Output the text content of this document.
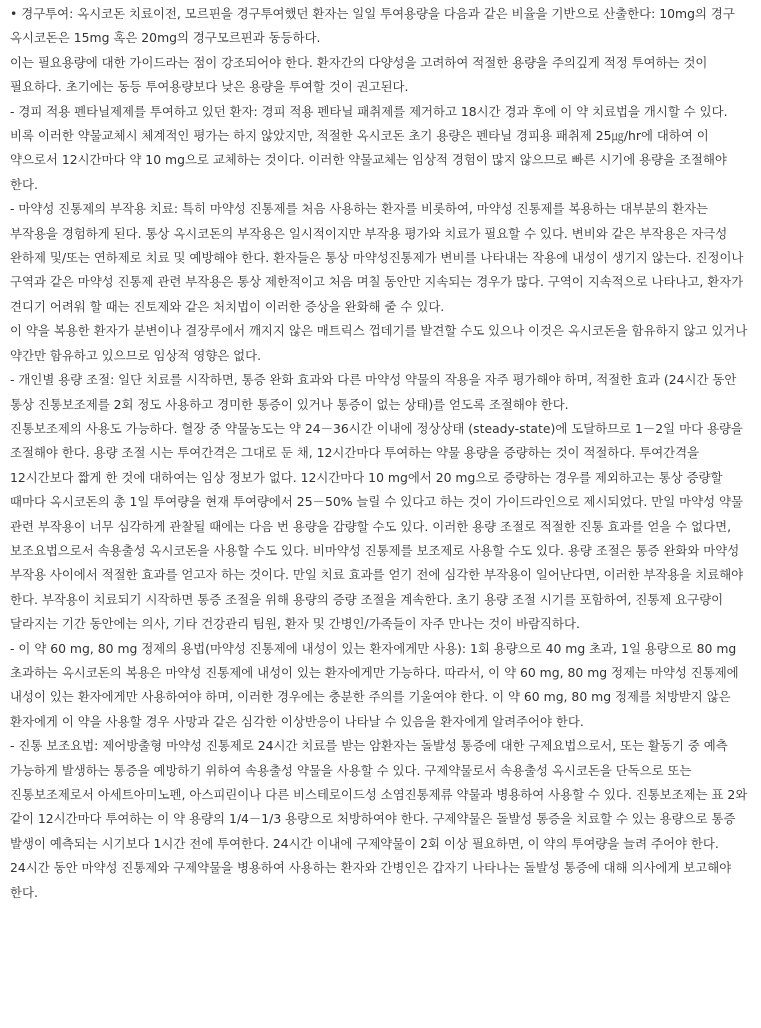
• 경구투여: 옥시코돈 치료이전, 모르핀을 경구투여했던 환자는 일일 투여용량을 다음과 같은 비율을 기반으로 산출한다: 10mg의 경구 옥시코돈은 15mg 혹은 20mg의 경구모르핀과 동등하다.

이는 필요용량에 대한 가이드라는 점이 강조되어야 한다. 환자간의 다양성을 고려하여 적절한 용량을 주의깊게 적정 투여하는 것이 필요하다. 초기에는 동등 투여용량보다 낮은 용량을 투여할 것이 권고된다.

- 경피 적용 펜타닐제제를 투여하고 있던 환자: 경피 적용 펜타닐 패취제를 제거하고 18시간 경과 후에 이 약 치료법을 개시할 수 있다. 비록 이러한 약물교체시 체계적인 평가는 하지 않았지만, 적절한 옥시코돈 초기 용량은 펜타닐 경피용 패취제 25㎍/hr에 대하여 이 약으로서 12시간마다 약 10 mg으로 교체하는 것이다. 이러한 약물교체는 임상적 경험이 많지 않으므로 빠른 시기에 용량을 조절해야 한다.

- 마약성 진통제의 부작용 치료: 특히 마약성 진통제를 처음 사용하는 환자를 비롯하여, 마약성 진통제를 복용하는 대부분의 환자는 부작용을 경험하게 된다. 통상 옥시코돈의 부작용은 일시적이지만 부작용 평가와 치료가 필요할 수 있다. 변비와 같은 부작용은 자극성 완하제 및/또는 연하제로 치료 및 예방해야 한다. 환자들은 통상 마약성진통제가 변비를 나타내는 작용에 내성이 생기지 않는다. 진정이나 구역과 같은 마약성 진통제 관련 부작용은 통상 제한적이고 처음 며칠 동안만 지속되는 경우가 많다. 구역이 지속적으로 나타나고, 환자가 견디기 어려워 할 때는 진토제와 같은 처치법이 이러한 증상을 완화해 줄 수 있다.

이 약을 복용한 환자가 분변이나 결장루에서 깨지지 않은 매트릭스 껍데기를 발견할 수도 있으나 이것은 옥시코돈을 함유하지 않고 있거나 약간만 함유하고 있으므로 임상적 영향은 없다.

- 개인별 용량 조절: 일단 치료를 시작하면, 통증 완화 효과와 다른 마약성 약물의 작용을 자주 평가해야 하며, 적절한 효과 (24시간 동안 통상 진통보조제를 2회 정도 사용하고 경미한 통증이 있거나 통증이 없는 상태)를 얻도록 조절해야 한다.

진통보조제의 사용도 가능하다. 혈장 중 약물농도는 약 24－36시간 이내에 정상상태 (steady-state)에 도달하므로 1－2일 마다 용량을 조절해야 한다. 용량 조절 시는 투여간격은 그대로 둔 채, 12시간마다 투여하는 약물 용량을 증량하는 것이 적절하다. 투여간격을 12시간보다 짧게 한 것에 대하여는 임상 정보가 없다. 12시간마다 10 mg에서 20 mg으로 증량하는 경우를 제외하고는 통상 증량할 때마다 옥시코돈의 총 1일 투여량을 현재 투여량에서 25－50% 늘릴 수 있다고 하는 것이 가이드라인으로 제시되었다. 만일 마약성 약물 관련 부작용이 너무 심각하게 관찰될 때에는 다음 번 용량을 감량할 수도 있다. 이러한 용량 조절로 적절한 진통 효과를 얻을 수 없다면, 보조요법으로서 속용출성 옥시코돈을 사용할 수도 있다. 비마약성 진통제를 보조제로 사용할 수도 있다. 용량 조절은 통증 완화와 마약성 부작용 사이에서 적절한 효과를 얻고자 하는 것이다. 만일 치료 효과를 얻기 전에 심각한 부작용이 일어난다면, 이러한 부작용을 치료해야 한다. 부작용이 치료되기 시작하면 통증 조절을 위해 용량의 증량 조절을 계속한다. 초기 용량 조절 시기를 포함하여, 진통제 요구량이 달라지는 기간 동안에는 의사, 기타 건강관리 팀원, 환자 및 간병인/가족들이 자주 만나는 것이 바람직하다.

- 이 약 60 mg, 80 mg 정제의 용법(마약성 진통제에 내성이 있는 환자에게만 사용): 1회 용량으로 40 mg 초과, 1일 용량으로 80 mg 초과하는 옥시코돈의 복용은 마약성 진통제에 내성이 있는 환자에게만 가능하다. 따라서, 이 약 60 mg, 80 mg 정제는 마약성 진통제에 내성이 있는 환자에게만 사용하여야 하며, 이러한 경우에는 충분한 주의를 기울여야 한다. 이 약 60 mg, 80 mg 정제를 처방받지 않은 환자에게 이 약을 사용할 경우 사망과 같은 심각한 이상반응이 나타날 수 있음을 환자에게 알려주어야 한다.

- 진통 보조요법: 제어방출형 마약성 진통제로 24시간 치료를 받는 암환자는 돌발성 통증에 대한 구제요법으로서, 또는 활동기 중 예측 가능하게 발생하는 통증을 예방하기 위하여 속용출성 약물을 사용할 수 있다. 구제약물로서 속용출성 옥시코돈을 단독으로 또는 진통보조제로서 아세트아미노펜, 아스피린이나 다른 비스테로이드성 소염진통제류 약물과 병용하여 사용할 수 있다. 진통보조제는 표 2와 같이 12시간마다 투여하는 이 약 용량의 1/4－1/3 용량으로 처방하여야 한다. 구제약물은 돌발성 통증을 치료할 수 있는 용량으로 통증 발생이 예측되는 시기보다 1시간 전에 투여한다. 24시간 이내에 구제약물이 2회 이상 필요하면, 이 약의 투여량을 늘려 주어야 한다. 24시간 동안 마약성 진통제와 구제약물을 병용하여 사용하는 환자와 간병인은 갑자기 나타나는 돌발성 통증에 대해 의사에게 보고해야 한다.
